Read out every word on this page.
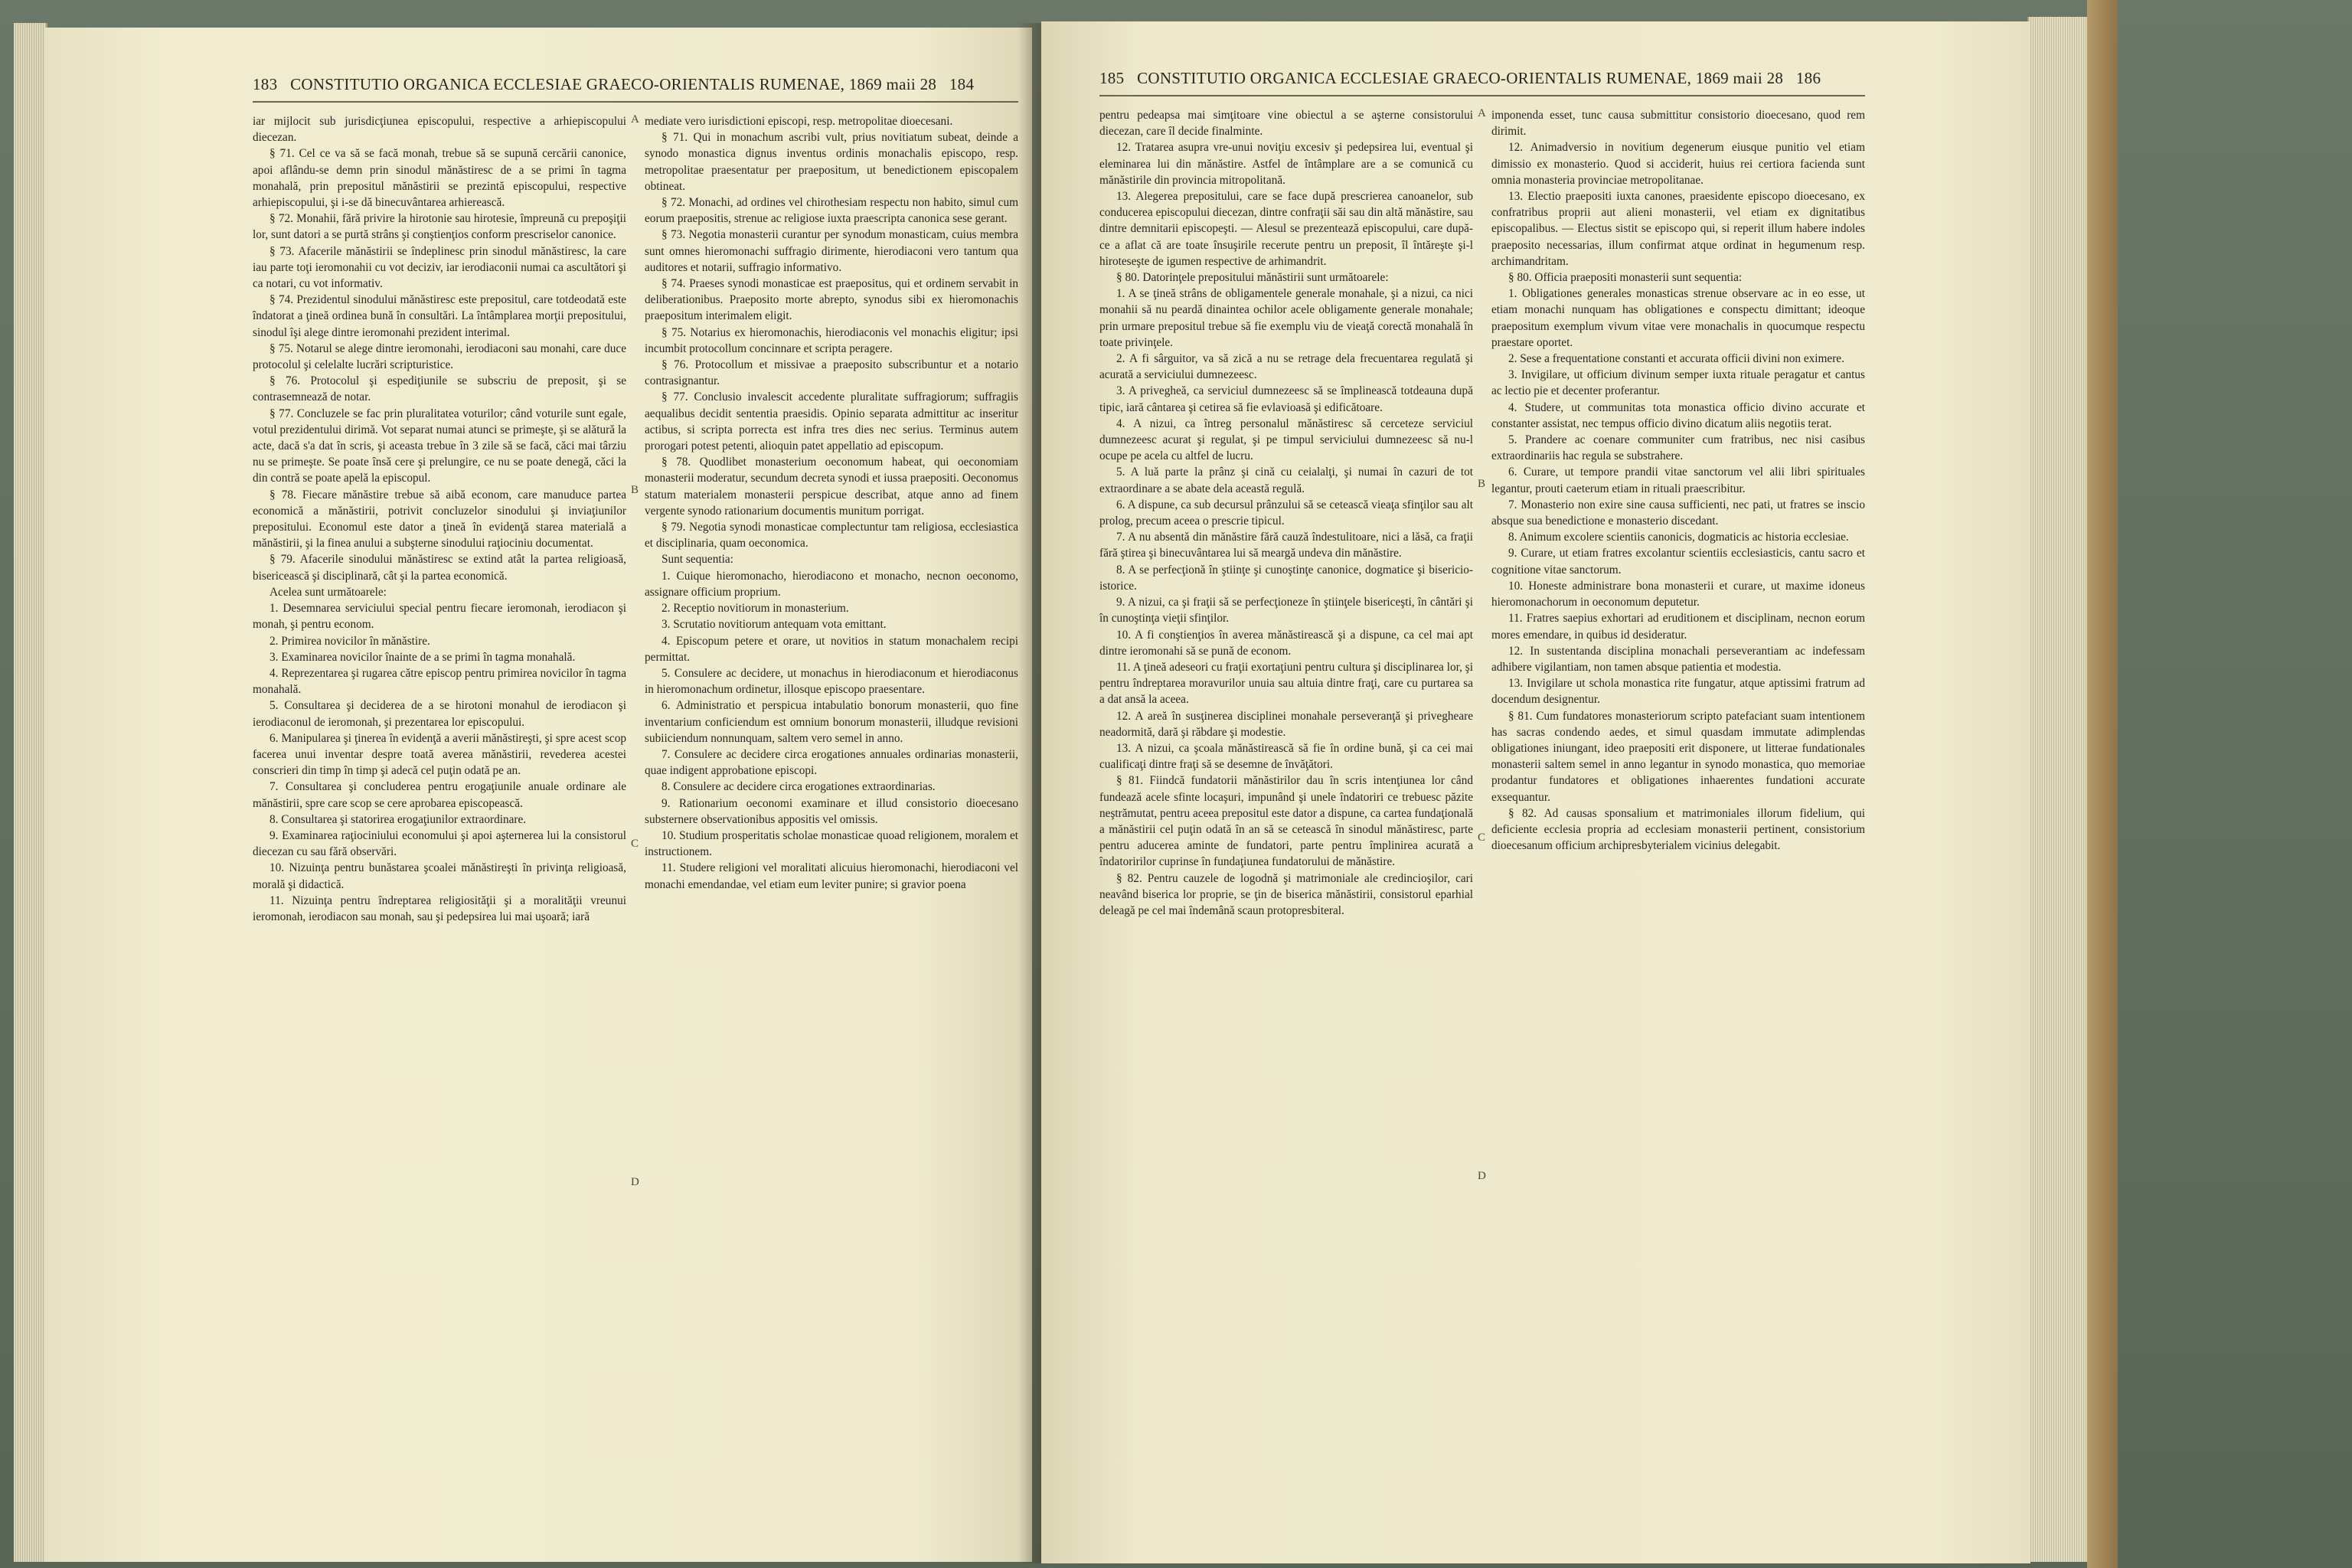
183 CONSTITUTIO ORGANICA ECCLESIAE GRAECO-ORIENTALIS RUMENAE, 1869 maii 28 184

iar mijlocit sub jurisdicţiunea episcopului, respective a arhiepiscopului diecezan.

§ 71. Cel ce va să se facă monah, trebue să se supună cercării canonice, apoi aflându-se demn prin sinodul mănăstiresc de a se primi în tagma monahală, prin prepositul mănăstirii se prezintă episcopului, respective arhiepiscopului, şi i-se dă binecuvântarea arhierească.

§ 72. Monahii, fără privire la hirotonie sau hirotesie, împreună cu prepoşiţii lor, sunt datori a se purtă strâns şi conştienţios conform prescriselor canonice.

§ 73. Afacerile mănăstirii se îndeplinesc prin sinodul mănăstiresc, la care iau parte toţi ieromonahii cu vot deciziv, iar ierodiaconii numai ca ascultători şi ca notari, cu vot informativ.

§ 74. Prezidentul sinodului mănăstiresc este prepositul, care totdeodată este îndatorat a ţineă ordinea bună în consultări. La întâmplarea morţii prepositului, sinodul îşi alege dintre ieromonahi prezident interimal.

§ 75. Notarul se alege dintre ieromonahi, ierodiaconi sau monahi, care duce protocolul şi celelalte lucrări scripturistice.

§ 76. Protocolul şi espediţiunile se subscriu de preposit, şi se contrasemnează de notar.

§ 77. Concluzele se fac prin pluralitatea voturilor; când voturile sunt egale, votul prezidentului dirimă. Vot separat numai atunci se primeşte, şi se alătură la acte, dacă s'a dat în scris, şi aceasta trebue în 3 zile să se facă, căci mai târziu nu se primeşte. Se poate însă cere şi prelungire, ce nu se poate denegă, căci la din contră se poate apelă la episcopul.

§ 78. Fiecare mănăstire trebue să aibă econom, care manuduce partea economică a mănăstirii, potrivit concluzelor sinodului şi inviaţiunilor prepositului. Economul este dator a ţineă în evidenţă starea materială a mănăstirii, şi la finea anului a subşterne sinodului raţiociniu documentat.

§ 79. Afacerile sinodului mănăstiresc se extind atât la partea religioasă, bisericească şi disciplinară, cât şi la partea economică.

Acelea sunt următoarele:

1. Desemnarea serviciului special pentru fiecare ieromonah, ierodiacon şi monah, şi pentru econom.

2. Primirea novicilor în mănăstire.

3. Examinarea novicilor înainte de a se primi în tagma monahală.

4. Reprezentarea şi rugarea către episcop pentru primirea novicilor în tagma monahală.

5. Consultarea şi deciderea de a se hirotoni monahul de ierodiacon şi ierodiaconul de ieromonah, şi prezentarea lor episcopului.

6. Manipularea şi ţinerea în evidenţă a averii mănăstireşti, şi spre acest scop facerea unui inventar despre toată averea mănăstirii, revederea acestei conscrieri din timp în timp şi adecă cel puţin odată pe an.

7. Consultarea şi concluderea pentru erogaţiunile anuale ordinare ale mănăstirii, spre care scop se cere aprobarea episcopească.

8. Consultarea şi statorirea erogaţiunilor extraordinare.

9. Examinarea raţiociniului economului şi apoi aşternerea lui la consistorul diecezan cu sau fără observări.

10. Nizuinţa pentru bunăstarea şcoalei mănăstireşti în privinţa religioasă, morală şi didactică.

11. Nizuinţa pentru îndreptarea religiosităţii şi a moralităţii vreunui ieromonah, ierodiacon sau monah, sau şi pedepsirea lui mai uşoară; iară

mediate vero iurisdictioni episcopi, resp. metropolitae dioecesani.

§ 71. Qui in monachum ascribi vult, prius novitiatum subeat, deinde a synodo monastica dignus inventus ordinis monachalis episcopo, resp. metropolitae praesentatur per praepositum, ut benedictionem episcopalem obtineat.

§ 72. Monachi, ad ordines vel chirothesiam respectu non habito, simul cum eorum praepositis, strenue ac religiose iuxta praescripta canonica sese gerant.

§ 73. Negotia monasterii curantur per synodum monasticam, cuius membra sunt omnes hieromonachi suffragio dirimente, hierodiaconi vero tantum qua auditores et notarii, suffragio informativo.

§ 74. Praeses synodi monasticae est praepositus, qui et ordinem servabit in deliberationibus. Praeposito morte abrepto, synodus sibi ex hieromonachis praepositum interimalem eligit.

§ 75. Notarius ex hieromonachis, hierodiaconis vel monachis eligitur; ipsi incumbit protocollum concinnare et scripta peragere.

§ 76. Protocollum et missivae a praeposito subscribuntur et a notario contrasignantur.

§ 77. Conclusio invalescit accedente pluralitate suffragiorum; suffragiis aequalibus decidit sententia praesidis. Opinio separata admittitur ac inseritur actibus, si scripta porrecta est infra tres dies nec serius. Terminus autem prorogari potest petenti, alioquin patet appellatio ad episcopum.

§ 78. Quodlibet monasterium oeconomum habeat, qui oeconomiam monasterii moderatur, secundum decreta synodi et iussa praepositi. Oeconomus statum materialem monasterii perspicue describat, atque anno ad finem vergente synodo rationarium documentis munitum porrigat.

§ 79. Negotia synodi monasticae complectuntur tam religiosa, ecclesiastica et disciplinaria, quam oeconomica.

Sunt sequentia:

1. Cuique hieromonacho, hierodiacono et monacho, necnon oeconomo, assignare officium proprium.

2. Receptio novitiorum in monasterium.

3. Scrutatio novitiorum antequam vota emittant.

4. Episcopum petere et orare, ut novitios in statum monachalem recipi permittat.

5. Consulere ac decidere, ut monachus in hierodiaconum et hierodiaconus in hieromonachum ordinetur, illosque episcopo praesentare.

6. Administratio et perspicua intabulatio bonorum monasterii, quo fine inventarium conficiendum est omnium bonorum monasterii, illudque revisioni subiiciendum nonnunquam, saltem vero semel in anno.

7. Consulere ac decidere circa erogationes annuales ordinarias monasterii, quae indigent approbatione episcopi.

8. Consulere ac decidere circa erogationes extraordinarias.

9. Rationarium oeconomi examinare et illud consistorio dioecesano substernere observationibus appositis vel omissis.

10. Studium prosperitatis scholae monasticae quoad religionem, moralem et instructionem.

11. Studere religioni vel moralitati alicuius hieromonachi, hierodiaconi vel monachi emendandae, vel etiam eum leviter punire; si gravior poena

A
B
C
D
185 CONSTITUTIO ORGANICA ECCLESIAE GRAECO-ORIENTALIS RUMENAE, 1869 maii 28 186

pentru pedeapsa mai simţitoare vine obiectul a se aşterne consistorului diecezan, care îl decide finalminte.

12. Tratarea asupra vre-unui noviţiu excesiv şi pedepsirea lui, eventual şi eleminarea lui din mănăstire. Astfel de întâmplare are a se comunică cu mănăstirile din provincia mitropolitană.

13. Alegerea prepositului, care se face după prescrierea canoanelor, sub conducerea episcopului diecezan, dintre confraţii săi sau din altă mănăstire, sau dintre demnitarii episcopeşti. — Alesul se prezentează episcopului, care după-ce a aflat că are toate însuşirile recerute pentru un preposit, îl întăreşte şi-l hiroteseşte de igumen respective de arhimandrit.

§ 80. Datorinţele prepositului mănăstirii sunt următoarele:

1. A se ţineă strâns de obligamentele generale monahale, şi a nizui, ca nici monahii să nu peardă dinaintea ochilor acele obligamente generale monahale; prin urmare prepositul trebue să fie exemplu viu de vieaţă corectă monahală în toate privinţele.

2. A fi sârguitor, va să zică a nu se retrage dela frecuentarea regulată şi acurată a serviciului dumnezeesc.

3. A privegheă, ca serviciul dumnezeesc să se împlinească totdeauna după tipic, iară cântarea şi cetirea să fie evlavioasă şi edificătoare.

4. A nizui, ca întreg personalul mănăstiresc să cerceteze serviciul dumnezeesc acurat şi regulat, şi pe timpul serviciului dumnezeesc să nu-l ocupe pe acela cu altfel de lucru.

5. A luă parte la prânz şi cină cu ceialalţi, şi numai în cazuri de tot extraordinare a se abate dela această regulă.

6. A dispune, ca sub decursul prânzului să se cetească vieaţa sfinţilor sau alt prolog, precum aceea o prescrie tipicul.

7. A nu absentă din mănăstire fără cauză îndestulitoare, nici a lăsă, ca fraţii fără ştirea şi binecuvântarea lui să meargă undeva din mănăstire.

8. A se perfecţionă în ştiinţe şi cunoştinţe canonice, dogmatice şi bisericio-istorice.

9. A nizui, ca şi fraţii să se perfecţioneze în ştiinţele bisericeşti, în cântări şi în cunoştinţa vieţii sfinţilor.

10. A fi conştienţios în averea mănăstirească şi a dispune, ca cel mai apt dintre ieromonahi să se pună de econom.

11. A ţineă adeseori cu fraţii exortaţiuni pentru cultura şi disciplinarea lor, şi pentru îndreptarea moravurilor unuia sau altuia dintre fraţi, care cu purtarea sa a dat ansă la aceea.

12. A areă în susţinerea disciplinei monahale perseveranţă şi privegheare neadormită, dară şi răbdare şi modestie.

13. A nizui, ca şcoala mănăstirească să fie în ordine bună, şi ca cei mai cualificaţi dintre fraţi să se desemne de învăţători.

§ 81. Fiindcă fundatorii mănăstirilor dau în scris intenţiunea lor când fundează acele sfinte locaşuri, impunând şi unele îndatoriri ce trebuesc păzite neştrămutat, pentru aceea prepositul este dator a dispune, ca cartea fundaţională a mănăstirii cel puţin odată în an să se cetească în sinodul mănăstiresc, parte pentru aducerea aminte de fundatori, parte pentru împlinirea acurată a îndatoririlor cuprinse în fundaţiunea fundatorului de mănăstire.

§ 82. Pentru cauzele de logodnă şi matrimoniale ale credincioşilor, cari neavând biserica lor proprie, se ţin de biserica mănăstirii, consistorul eparhial deleagă pe cel mai îndemână scaun protopresbiteral.

imponenda esset, tunc causa submittitur consistorio dioecesano, quod rem dirimit.

12. Animadversio in novitium degenerum eiusque punitio vel etiam dimissio ex monasterio. Quod si acciderit, huius rei certiora facienda sunt omnia monasteria provinciae metropolitanae.

13. Electio praepositi iuxta canones, praesidente episcopo dioecesano, ex confratribus proprii aut alieni monasterii, vel etiam ex dignitatibus episcopalibus. — Electus sistit se episcopo qui, si reperit illum habere indoles praeposito necessarias, illum confirmat atque ordinat in hegumenum resp. archimandritam.

§ 80. Officia praepositi monasterii sunt sequentia:

1. Obligationes generales monasticas strenue observare ac in eo esse, ut etiam monachi nunquam has obligationes e conspectu dimittant; ideoque praepositum exemplum vivum vitae vere monachalis in quocumque respectu praestare oportet.

2. Sese a frequentatione constanti et accurata officii divini non eximere.

3. Invigilare, ut officium divinum semper iuxta rituale peragatur et cantus ac lectio pie et decenter proferantur.

4. Studere, ut communitas tota monastica officio divino accurate et constanter assistat, nec tempus officio divino dicatum aliis negotiis terat.

5. Prandere ac coenare communiter cum fratribus, nec nisi casibus extraordinariis hac regula se substrahere.

6. Curare, ut tempore prandii vitae sanctorum vel alii libri spirituales legantur, prouti caeterum etiam in rituali praescribitur.

7. Monasterio non exire sine causa sufficienti, nec pati, ut fratres se inscio absque sua benedictione e monasterio discedant.

8. Animum excolere scientiis canonicis, dogmaticis ac historia ecclesiae.

9. Curare, ut etiam fratres excolantur scientiis ecclesiasticis, cantu sacro et cognitione vitae sanctorum.

10. Honeste administrare bona monasterii et curare, ut maxime idoneus hieromonachorum in oeconomum deputetur.

11. Fratres saepius exhortari ad eruditionem et disciplinam, necnon eorum mores emendare, in quibus id desideratur.

12. In sustentanda disciplina monachali perseverantiam ac indefessam adhibere vigilantiam, non tamen absque patientia et modestia.

13. Invigilare ut schola monastica rite fungatur, atque aptissimi fratrum ad docendum designentur.

§ 81. Cum fundatores monasteriorum scripto patefaciant suam intentionem has sacras condendo aedes, et simul quasdam immutate adimplendas obligationes iniungant, ideo praepositi erit disponere, ut litterae fundationales monasterii saltem semel in anno legantur in synodo monastica, quo memoriae prodantur fundatores et obligationes inhaerentes fundationi accurate exsequantur.

§ 82. Ad causas sponsalium et matrimoniales illorum fidelium, qui deficiente ecclesia propria ad ecclesiam monasterii pertinent, consistorium dioecesanum officium archipresbyterialem vicinius delegabit.

A
B
C
D
